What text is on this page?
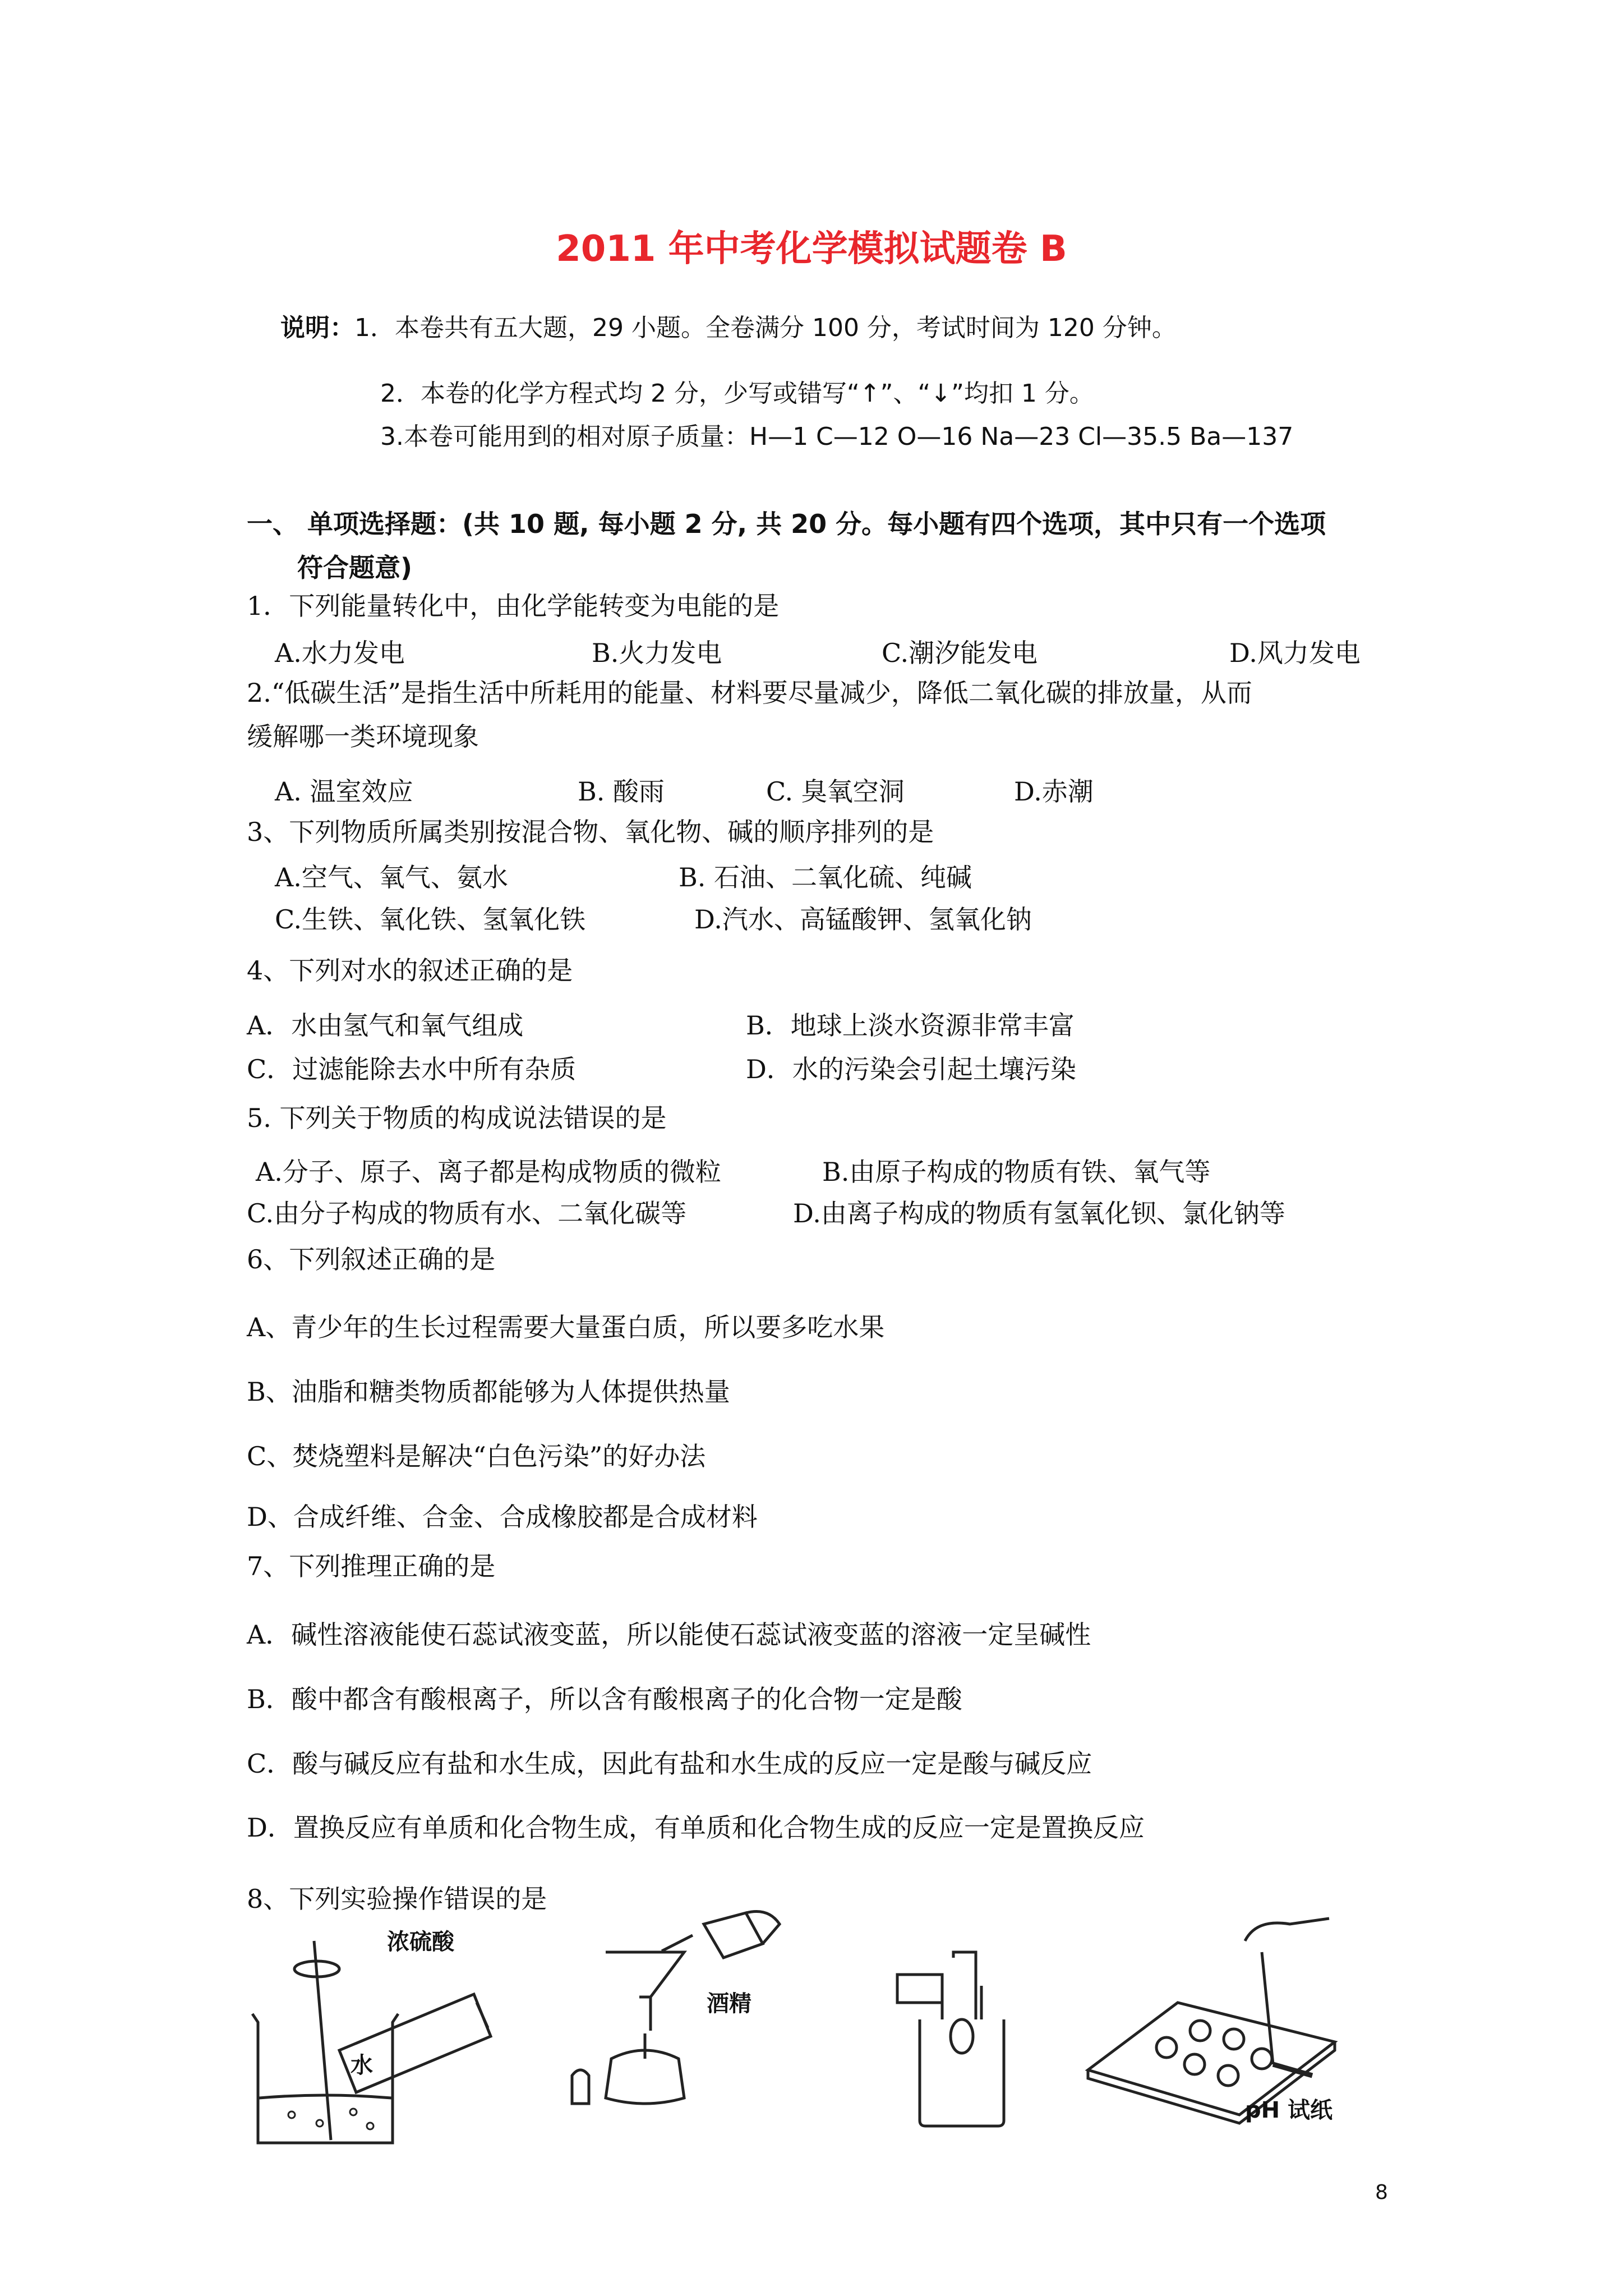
2011 年中考化学模拟试题卷 B
说明：1．本卷共有五大题，29 小题。全卷满分 100 分，考试时间为 120 分钟。
2．本卷的化学方程式均 2 分，少写或错写“↑”、“↓”均扣 1 分。
3.本卷可能用到的相对原子质量：H—1 C—12 O—16 Na—23 Cl—35.5 Ba—137
一、 单项选择题：(共 10 题, 每小题 2 分, 共 20 分。每小题有四个选项，其中只有一个选项
符合题意)
1．下列能量转化中，由化学能转变为电能的是
A.水力发电	B.火力发电	C.潮汐能发电	D.风力发电
2.“低碳生活”是指生活中所耗用的能量、材料要尽量减少，降低二氧化碳的排放量，从而
缓解哪一类环境现象
A. 温室效应	B. 酸雨	C. 臭氧空洞	D.赤潮
3、下列物质所属类别按混合物、氧化物、碱的顺序排列的是
A.空气、氧气、氨水	B. 石油、二氧化硫、纯碱
C.生铁、氧化铁、氢氧化铁	D.汽水、高锰酸钾、氢氧化钠
4、下列对水的叙述正确的是
A．水由氢气和氧气组成	B．地球上淡水资源非常丰富
C．过滤能除去水中所有杂质	D．水的污染会引起土壤污染
5. 下列关于物质的构成说法错误的是
A.分子、原子、离子都是构成物质的微粒	B.由原子构成的物质有铁、氧气等
C.由分子构成的物质有水、二氧化碳等	D.由离子构成的物质有氢氧化钡、氯化钠等
6、下列叙述正确的是
A、青少年的生长过程需要大量蛋白质，所以要多吃水果
B、油脂和糖类物质都能够为人体提供热量
C、焚烧塑料是解决“白色污染”的好办法
D、合成纤维、合金、合成橡胶都是合成材料
7、下列推理正确的是
A．碱性溶液能使石蕊试液变蓝，所以能使石蕊试液变蓝的溶液一定呈碱性
B．酸中都含有酸根离子，所以含有酸根离子的化合物一定是酸
C．酸与碱反应有盐和水生成，因此有盐和水生成的反应一定是酸与碱反应
D．置换反应有单质和化合物生成，有单质和化合物生成的反应一定是置换反应
8、下列实验操作错误的是
浓硫酸
水
酒精
pH 试纸
8
